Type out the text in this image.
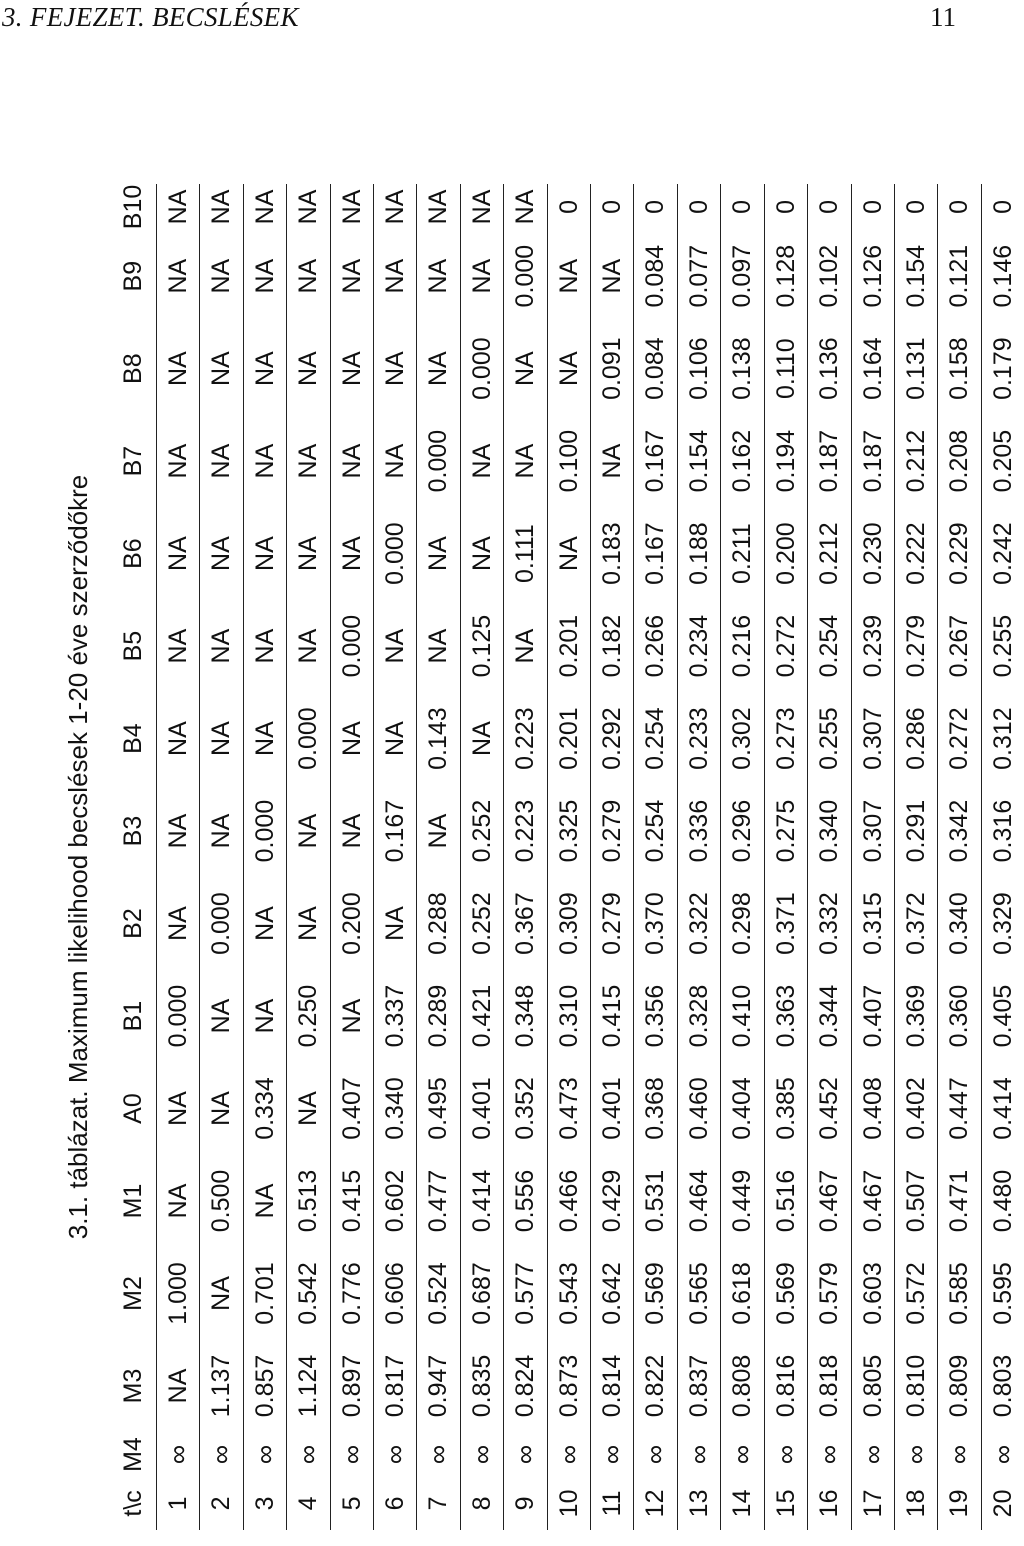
3. FEJEZET. BECSLÉSEK	11
3.1. táblázat. Maximum likelihood becslések 1-20 éve szerződőkre
t\c	M4	M3	M2	M1	A0	B1	B2	B3	B4	B5	B6	B7	B8	B9	B10
1	∞	NA	1.000	NA	NA	0.000	NA	NA	NA	NA	NA	NA	NA	NA	NA
2	∞	1.137	NA	0.500	NA	NA	0.000	NA	NA	NA	NA	NA	NA	NA	NA
3	∞	0.857	0.701	NA	0.334	NA	NA	0.000	NA	NA	NA	NA	NA	NA	NA
4	∞	1.124	0.542	0.513	NA	0.250	NA	NA	0.000	NA	NA	NA	NA	NA	NA
5	∞	0.897	0.776	0.415	0.407	NA	0.200	NA	NA	0.000	NA	NA	NA	NA	NA
6	∞	0.817	0.606	0.602	0.340	0.337	NA	0.167	NA	NA	0.000	NA	NA	NA	NA
7	∞	0.947	0.524	0.477	0.495	0.289	0.288	NA	0.143	NA	NA	0.000	NA	NA	NA
8	∞	0.835	0.687	0.414	0.401	0.421	0.252	0.252	NA	0.125	NA	NA	0.000	NA	NA
9	∞	0.824	0.577	0.556	0.352	0.348	0.367	0.223	0.223	NA	0.111	NA	NA	0.000	NA
10	∞	0.873	0.543	0.466	0.473	0.310	0.309	0.325	0.201	0.201	NA	0.100	NA	NA	0
11	∞	0.814	0.642	0.429	0.401	0.415	0.279	0.279	0.292	0.182	0.183	NA	0.091	NA	0
12	∞	0.822	0.569	0.531	0.368	0.356	0.370	0.254	0.254	0.266	0.167	0.167	0.084	0.084	0
13	∞	0.837	0.565	0.464	0.460	0.328	0.322	0.336	0.233	0.234	0.188	0.154	0.106	0.077	0
14	∞	0.808	0.618	0.449	0.404	0.410	0.298	0.296	0.302	0.216	0.211	0.162	0.138	0.097	0
15	∞	0.816	0.569	0.516	0.385	0.363	0.371	0.275	0.273	0.272	0.200	0.194	0.110	0.128	0
16	∞	0.818	0.579	0.467	0.452	0.344	0.332	0.340	0.255	0.254	0.212	0.187	0.136	0.102	0
17	∞	0.805	0.603	0.467	0.408	0.407	0.315	0.307	0.307	0.239	0.230	0.187	0.164	0.126	0
18	∞	0.810	0.572	0.507	0.402	0.369	0.372	0.291	0.286	0.279	0.222	0.212	0.131	0.154	0
19	∞	0.809	0.585	0.471	0.447	0.360	0.340	0.342	0.272	0.267	0.229	0.208	0.158	0.121	0
20	∞	0.803	0.595	0.480	0.414	0.405	0.329	0.316	0.312	0.255	0.242	0.205	0.179	0.146	0
